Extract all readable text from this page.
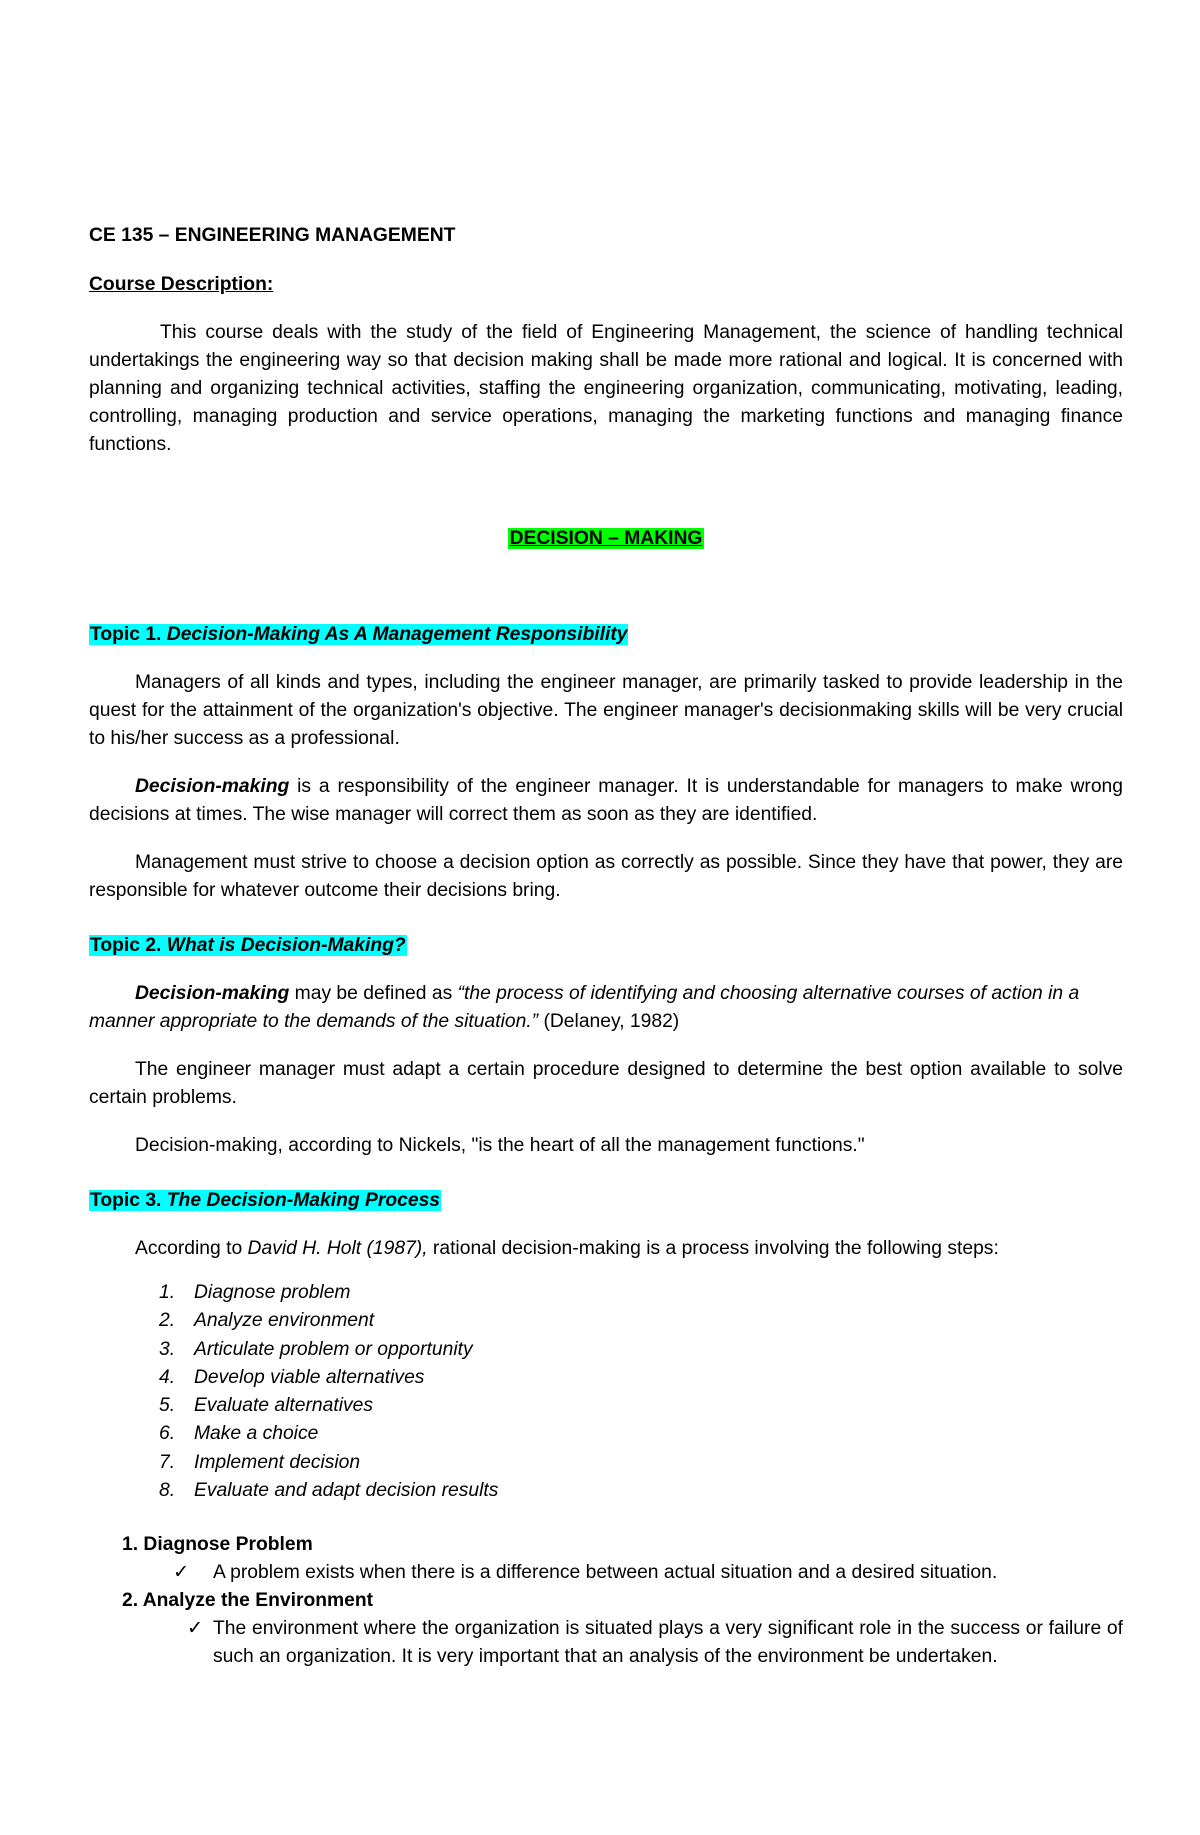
CE 135 – ENGINEERING MANAGEMENT

Course Description:

This course deals with the study of the field of Engineering Management, the science of handling technical undertakings the engineering way so that decision making shall be made more rational and logical. It is concerned with planning and organizing technical activities, staffing the engineering organization, communicating, motivating, leading, controlling, managing production and service operations, managing the marketing functions and managing finance functions.

DECISION – MAKING

Topic 1. Decision-Making As A Management Responsibility

Managers of all kinds and types, including the engineer manager, are primarily tasked to provide leadership in the quest for the attainment of the organization's objective. The engineer manager's decisionmaking skills will be very crucial to his/her success as a professional.

Decision-making is a responsibility of the engineer manager. It is understandable for managers to make wrong decisions at times. The wise manager will correct them as soon as they are identified.

Management must strive to choose a decision option as correctly as possible. Since they have that power, they are responsible for whatever outcome their decisions bring.

Topic 2. What is Decision-Making?

Decision-making may be defined as “the process of identifying and choosing alternative courses of action in a manner appropriate to the demands of the situation.” (Delaney, 1982)

The engineer manager must adapt a certain procedure designed to determine the best option available to solve certain problems.

Decision-making, according to Nickels, "is the heart of all the management functions."

Topic 3. The Decision-Making Process

According to David H. Holt (1987), rational decision-making is a process involving the following steps:

1. Diagnose problem
2. Analyze environment
3. Articulate problem or opportunity
4. Develop viable alternatives
5. Evaluate alternatives
6. Make a choice
7. Implement decision
8. Evaluate and adapt decision results

1. Diagnose Problem

✓ A problem exists when there is a difference between actual situation and a desired situation.

2. Analyze the Environment

✓ The environment where the organization is situated plays a very significant role in the success or failure of such an organization. It is very important that an analysis of the environment be undertaken.
